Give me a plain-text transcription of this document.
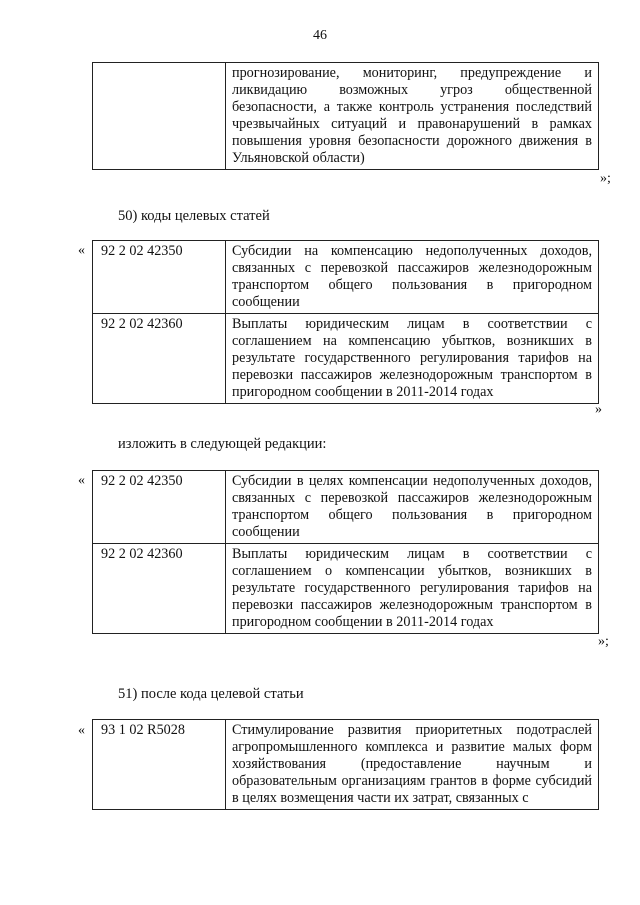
46
	прогнозирование, мониторинг, предупреждение и ликвидацию возможных угроз общественной безопасности, а также контроль устранения последствий чрезвычайных ситуаций и правонарушений в рамках повышения уровня безопасности дорожного движения в Ульяновской области)
»;
50) коды целевых статей
« 92 2 02 42350	Субсидии на компенсацию недополученных доходов, связанных с перевозкой пассажиров железнодорожным транспортом общего пользования в пригородном сообщении
92 2 02 42360	Выплаты юридическим лицам в соответствии с соглашением на компенсацию убытков, возникших в результате государственного регулирования тарифов на перевозки пассажиров железнодорожным транспортом в пригородном сообщении в 2011-2014 годах
»
изложить в следующей редакции:
« 92 2 02 42350	Субсидии в целях компенсации недополученных доходов, связанных с перевозкой пассажиров железнодорожным транспортом общего пользования в пригородном сообщении
92 2 02 42360	Выплаты юридическим лицам в соответствии с соглашением о компенсации убытков, возникших в результате государственного регулирования тарифов на перевозки пассажиров железнодорожным транспортом в пригородном сообщении в 2011-2014 годах
»;
51) после кода целевой статьи
« 93 1 02 R5028	Стимулирование развития приоритетных подотраслей агропромышленного комплекса и развитие малых форм хозяйствования (предоставление научным и образовательным организациям грантов в форме субсидий в целях возмещения части их затрат, связанных с
